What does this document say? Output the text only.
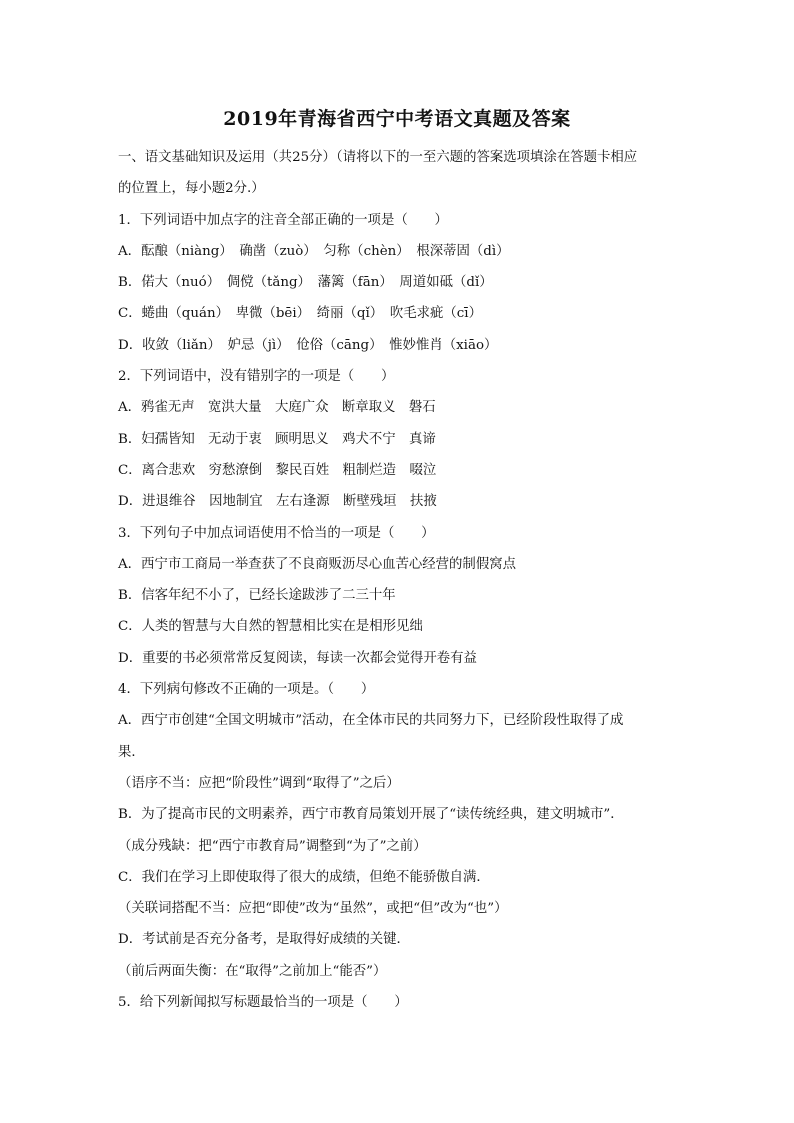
2019年青海省西宁中考语文真题及答案
一、语文基础知识及运用（共25分）（请将以下的一至六题的答案选项填涂在答题卡相应
的位置上，每小题2分.）
1．下列词语中加点字的注音全部正确的一项是（　　）
A．酝酿（niàng）　确凿（zuò）　匀称（chèn）　根深蒂固（dì）
B．偌大（nuó）　倜傥（tǎng）　藩篱（fān）　周道如砥（dǐ）
C．蜷曲（quán）　卑微（bēi）　绮丽（qǐ）　吹毛求疵（cī）
D．收敛（liǎn）　妒忌（jì）　伧俗（cāng）　惟妙惟肖（xiāo）
2．下列词语中，没有错别字的一项是（　　）
A．鸦雀无声　宽洪大量　大庭广众　断章取义　磐石
B．妇孺皆知　无动于衷　顾明思义　鸡犬不宁　真谛
C．离合悲欢　穷愁潦倒　黎民百姓　粗制烂造　啜泣
D．进退维谷　因地制宜　左右逢源　断壁残垣　扶掖
3．下列句子中加点词语使用不恰当的一项是（　　）
A．西宁市工商局一举查获了不良商贩沥尽心血苦心经营的制假窝点
B．信客年纪不小了，已经长途跋涉了二三十年
C．人类的智慧与大自然的智慧相比实在是相形见绌
D．重要的书必须常常反复阅读，每读一次都会觉得开卷有益
4．下列病句修改不正确的一项是。（　　）
A．西宁市创建“全国文明城市”活动，在全体市民的共同努力下，已经阶段性取得了成
果．
（语序不当：应把“阶段性”调到“取得了”之后）
B．为了提高市民的文明素养，西宁市教育局策划开展了“读传统经典，建文明城市”．
（成分残缺：把“西宁市教育局”调整到“为了”之前）
C．我们在学习上即使取得了很大的成绩，但绝不能骄傲自满．
（关联词搭配不当：应把“即使”改为“虽然”，或把“但”改为“也”）
D．考试前是否充分备考，是取得好成绩的关键．
（前后两面失衡：在“取得”之前加上“能否”）
5．给下列新闻拟写标题最恰当的一项是（　　）
